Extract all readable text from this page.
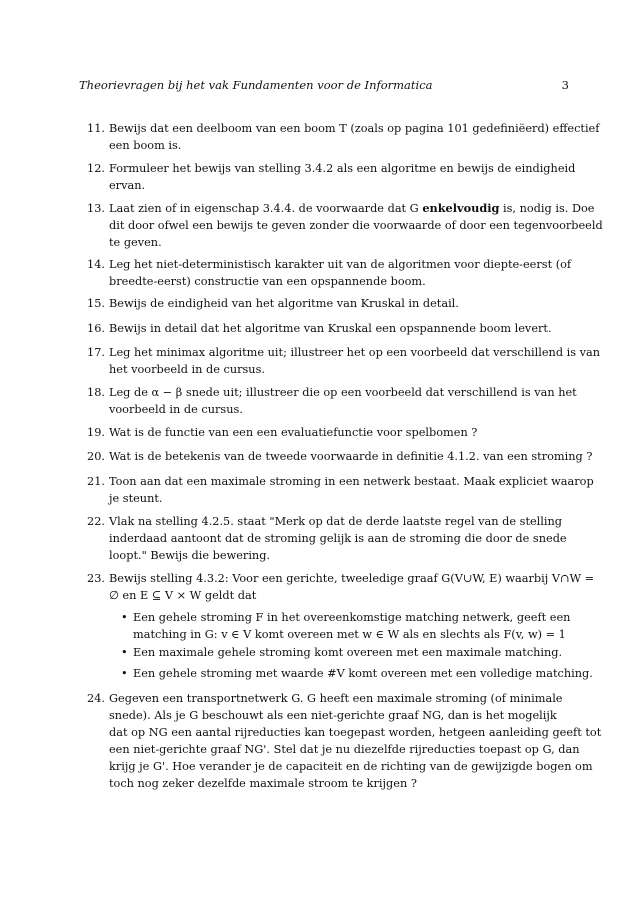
Theorievragen bij het vak Fundamenten voor de Informatica	3
11. Bewijs dat een deelboom van een boom T (zoals op pagina 101 gedefiniëerd) effectief
een boom is.
12. Formuleer het bewijs van stelling 3.4.2 als een algoritme en bewijs de eindigheid
ervan.
13. Laat zien of in eigenschap 3.4.4. de voorwaarde dat G enkelvoudig is, nodig is. Doe
dit door ofwel een bewijs te geven zonder die voorwaarde of door een tegenvoorbeeld
te geven.
14. Leg het niet-deterministisch karakter uit van de algoritmen voor diepte-eerst (of
breedte-eerst) constructie van een opspannende boom.
15. Bewijs de eindigheid van het algoritme van Kruskal in detail.
16. Bewijs in detail dat het algoritme van Kruskal een opspannende boom levert.
17. Leg het minimax algoritme uit; illustreer het op een voorbeeld dat verschillend is van
het voorbeeld in de cursus.
18. Leg de α − β snede uit; illustreer die op een voorbeeld dat verschillend is van het
voorbeeld in de cursus.
19. Wat is de functie van een een evaluatiefunctie voor spelbomen ?
20. Wat is de betekenis van de tweede voorwaarde in definitie 4.1.2. van een stroming ?
21. Toon aan dat een maximale stroming in een netwerk bestaat. Maak expliciet waarop
je steunt.
22. Vlak na stelling 4.2.5. staat "Merk op dat de derde laatste regel van de stelling
inderdaad aantoont dat de stroming gelijk is aan de stroming die door de snede
loopt." Bewijs die bewering.
23. Bewijs stelling 4.3.2: Voor een gerichte, tweeledige graaf G(V∪W, E) waarbij V∩W =
∅ en E ⊆ V × W geldt dat
• Een gehele stroming F in het overeenkomstige matching netwerk, geeft een
matching in G: v ∈ V komt overeen met w ∈ W als en slechts als F(v, w) = 1
• Een maximale gehele stroming komt overeen met een maximale matching.
• Een gehele stroming met waarde #V komt overeen met een volledige matching.
24. Gegeven een transportnetwerk G. G heeft een maximale stroming (of minimale
snede). Als je G beschouwt als een niet-gerichte graaf NG, dan is het mogelijk
dat op NG een aantal rijreducties kan toegepast worden, hetgeen aanleiding geeft tot
een niet-gerichte graaf NG'. Stel dat je nu diezelfde rijreducties toepast op G, dan
krijg je G'. Hoe verander je de capaciteit en de richting van de gewijzigde bogen om
toch nog zeker dezelfde maximale stroom te krijgen ?
